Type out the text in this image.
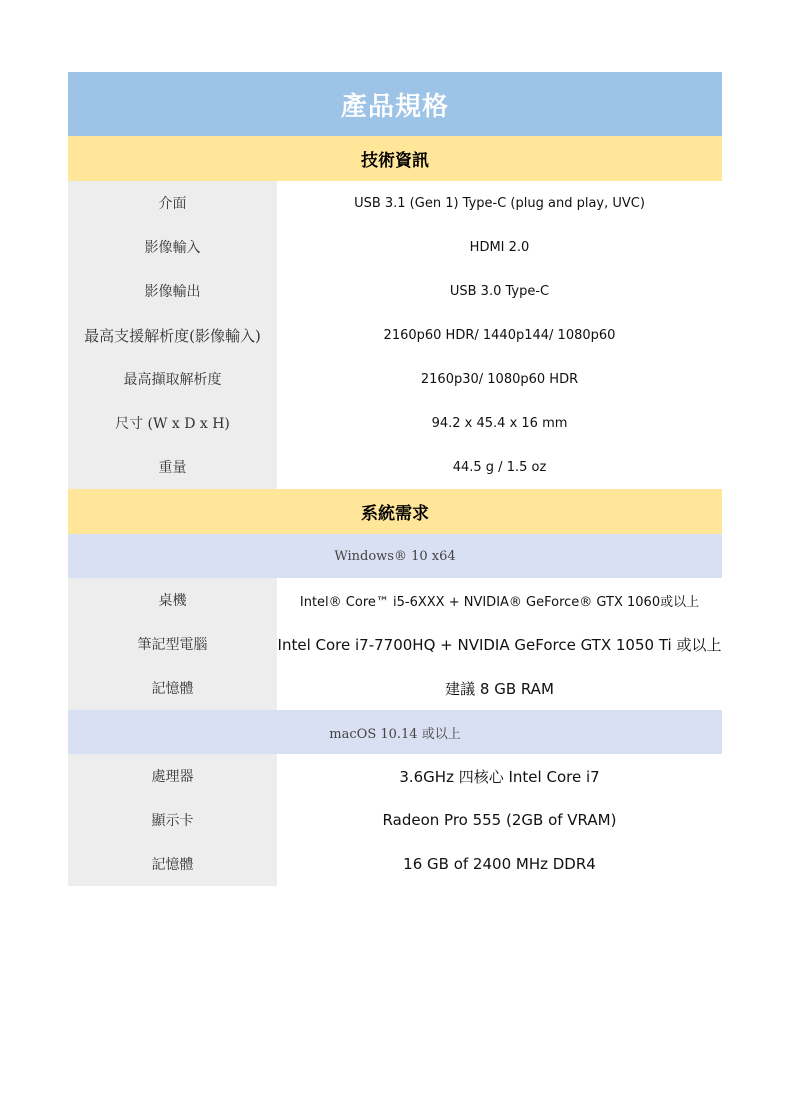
產品規格
技術資訊
介面	USB 3.1 (Gen 1) Type-C (plug and play, UVC)
影像輸入	HDMI 2.0
影像輸出	USB 3.0 Type-C
最高支援解析度(影像輸入)	2160p60 HDR/ 1440p144/ 1080p60
最高擷取解析度	2160p30/ 1080p60 HDR
尺寸 (W x D x H)	94.2 x 45.4 x 16 mm
重量	44.5 g / 1.5 oz
系統需求
Windows® 10 x64
桌機	Intel® Core™ i5-6XXX + NVIDIA® GeForce® GTX 1060或以上
筆記型電腦	Intel Core i7-7700HQ + NVIDIA GeForce GTX 1050 Ti 或以上
記憶體	建議 8 GB RAM
macOS 10.14 或以上
處理器	3.6GHz 四核心 Intel Core i7
顯示卡	Radeon Pro 555 (2GB of VRAM)
記憶體	16 GB of 2400 MHz DDR4
